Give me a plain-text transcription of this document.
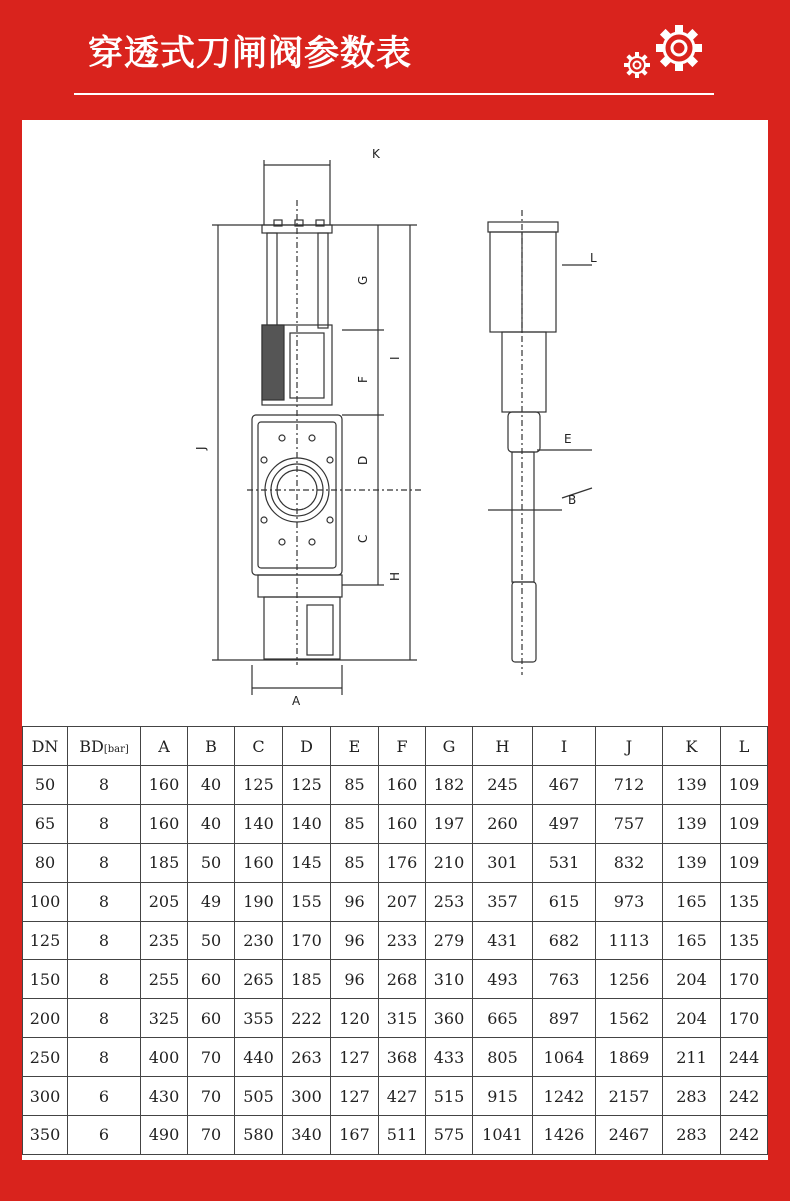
穿透式刀闸阀参数表
J
G
F
D
C
I
H
A
K
L
E
B
DN	BD[bar]	A	B	C	D	E	F	G	H	I	J	K	L
50	8	160	40	125	125	85	160	182	245	467	712	139	109
65	8	160	40	140	140	85	160	197	260	497	757	139	109
80	8	185	50	160	145	85	176	210	301	531	832	139	109
100	8	205	49	190	155	96	207	253	357	615	973	165	135
125	8	235	50	230	170	96	233	279	431	682	1113	165	135
150	8	255	60	265	185	96	268	310	493	763	1256	204	170
200	8	325	60	355	222	120	315	360	665	897	1562	204	170
250	8	400	70	440	263	127	368	433	805	1064	1869	211	244
300	6	430	70	505	300	127	427	515	915	1242	2157	283	242
350	6	490	70	580	340	167	511	575	1041	1426	2467	283	242
